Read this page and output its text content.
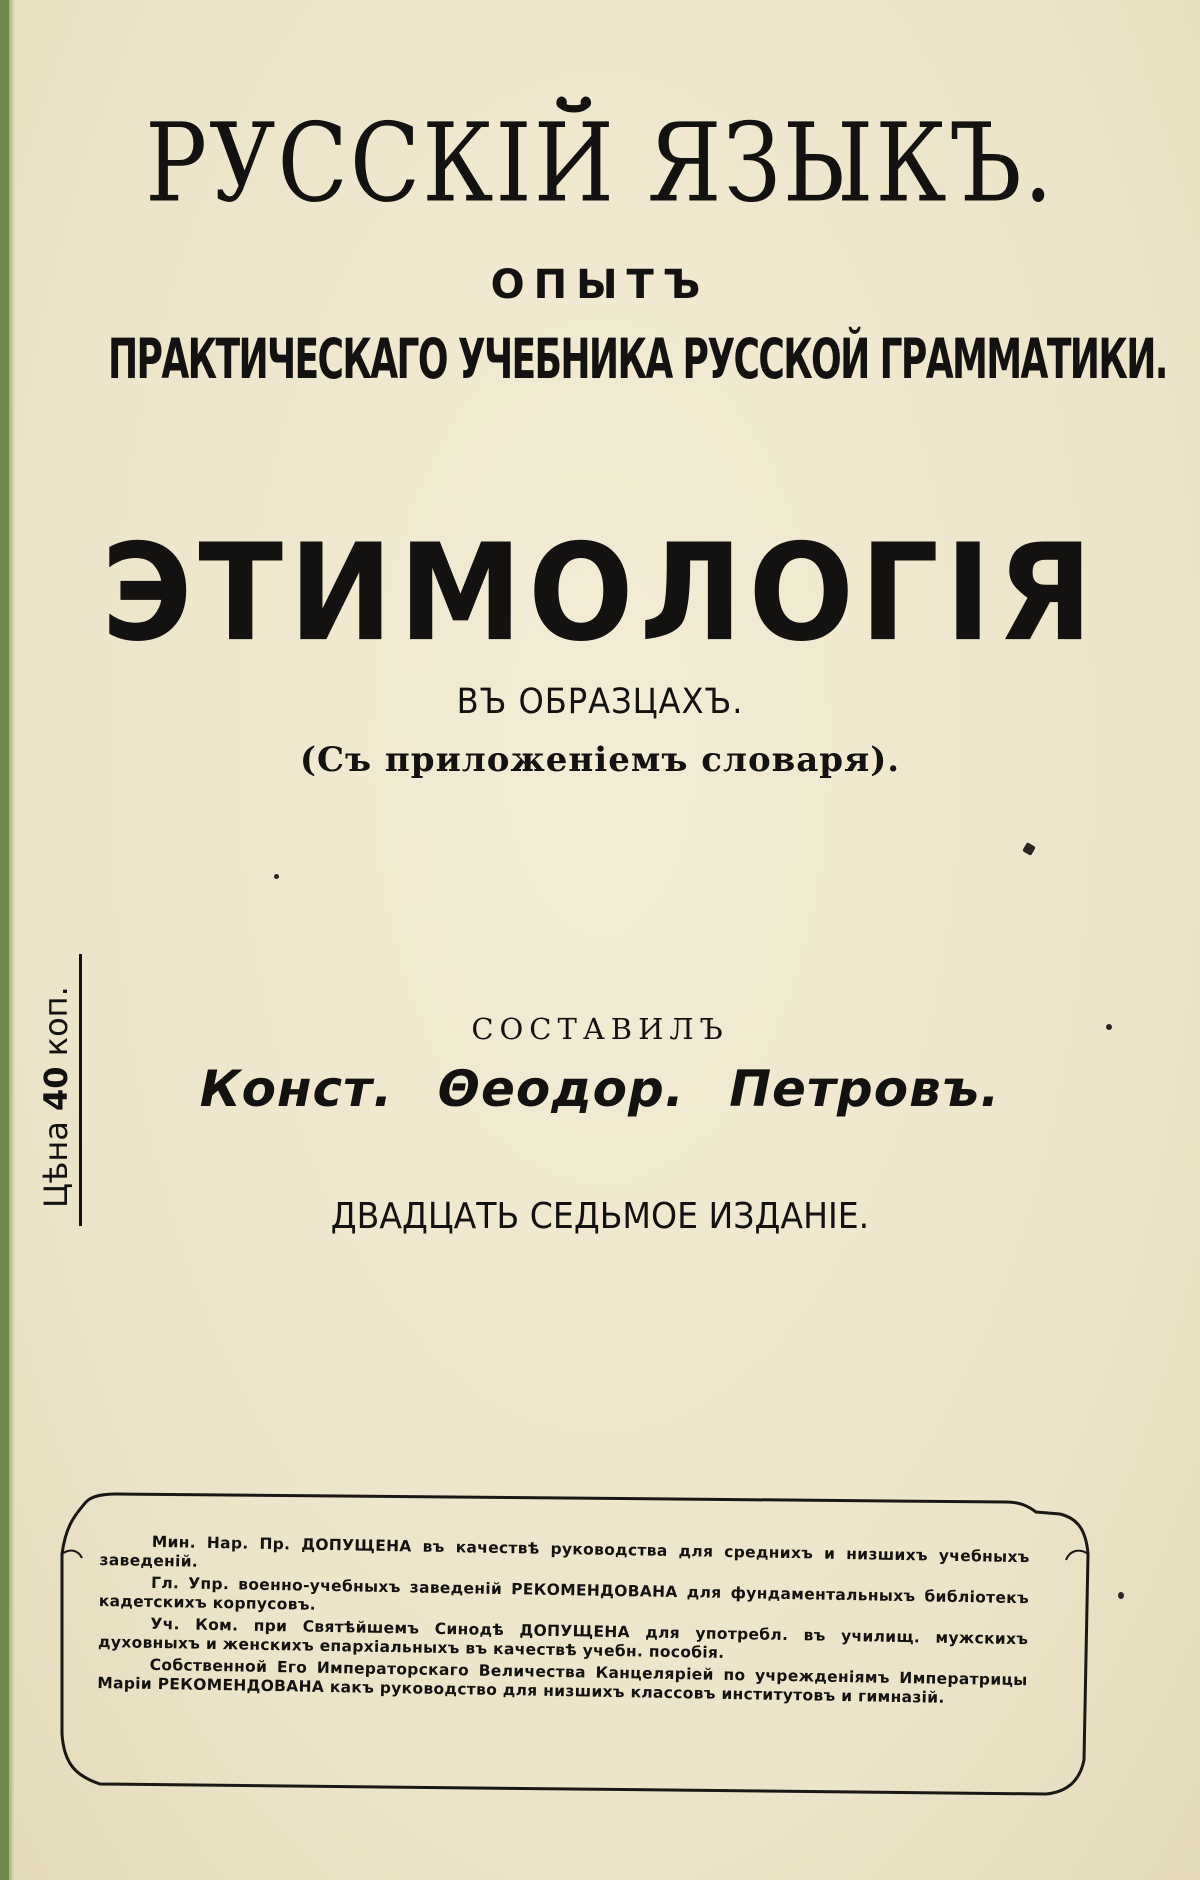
РУССКІЙ ЯЗЫКЪ.
ОПЫТЪ
ПРАКТИЧЕСКАГО УЧЕБНИКА РУССКОЙ ГРАММАТИКИ.
ЭТИМОЛОГІЯ
ВЪ ОБРАЗЦАХЪ.
(Съ приложеніемъ словаря).
Цѣна 40 коп.	СОСТАВИЛЪ
Конст. Θеодор. Петровъ.
ДВАДЦАТЬ СЕДЬМОЕ ИЗДАНІЕ.

Мин. Нар. Пр. ДОПУЩЕНА въ качествѣ руководства для среднихъ и низшихъ учебныхъ заведеній.

Гл. Упр. военно-учебныхъ заведеній РЕКОМЕНДОВАНА для фундаментальныхъ библіотекъ кадетскихъ корпусовъ.

Уч. Ком. при Святѣйшемъ Синодѣ ДОПУЩЕНА для употребл. въ училищ. мужскихъ духовныхъ и женскихъ епархіальныхъ въ качествѣ учебн. пособія.

Собственной Его Императорскаго Величества Канцеляріей по учрежденіямъ Императрицы Маріи РЕКОМЕНДОВАНА какъ руководство для низшихъ классовъ институтовъ и гимназій.
